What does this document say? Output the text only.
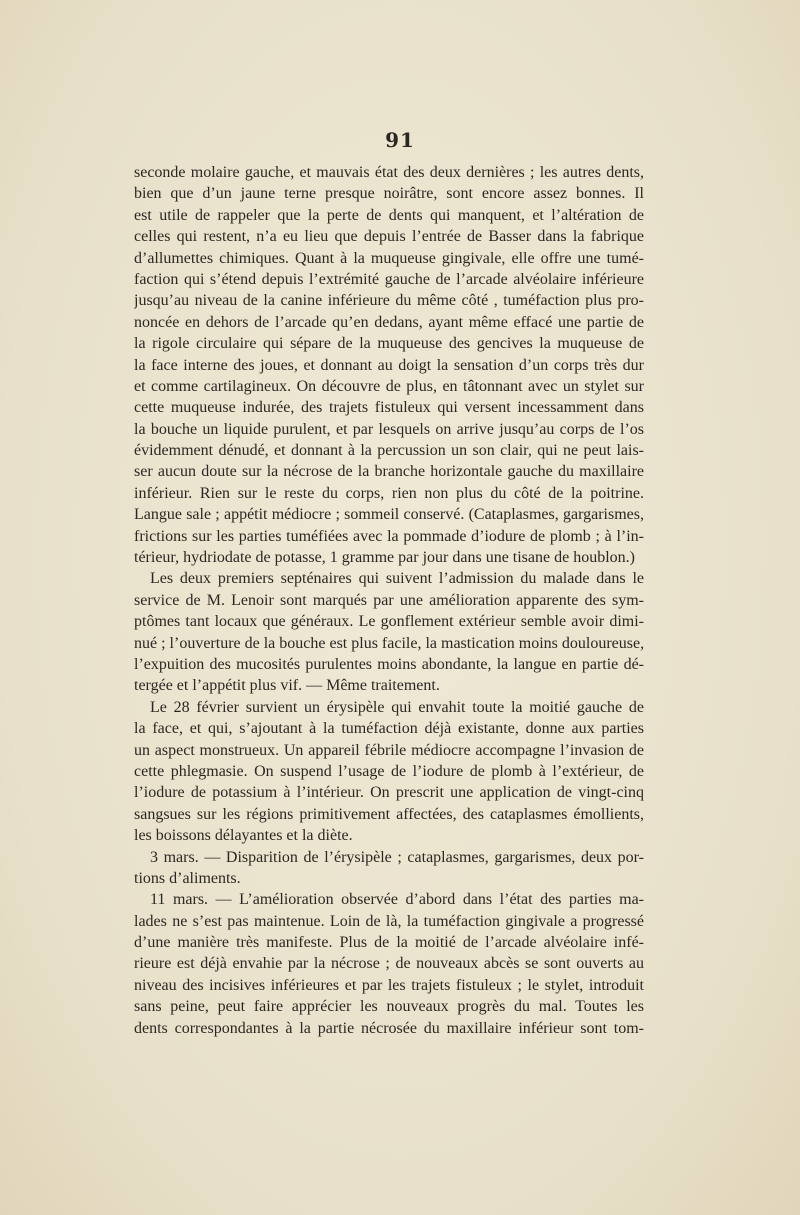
91
seconde molaire gauche, et mauvais état des deux dernières ; les autres dents,
bien que d’un jaune terne presque noirâtre, sont encore assez bonnes. Il
est utile de rappeler que la perte de dents qui manquent, et l’altération de
celles qui restent, n’a eu lieu que depuis l’entrée de Basser dans la fabrique
d’allumettes chimiques. Quant à la muqueuse gingivale, elle offre une tumé-
faction qui s’étend depuis l’extrémité gauche de l’arcade alvéolaire inférieure
jusqu’au niveau de la canine inférieure du même côté , tuméfaction plus pro-
noncée en dehors de l’arcade qu’en dedans, ayant même effacé une partie de
la rigole circulaire qui sépare de la muqueuse des gencives la muqueuse de
la face interne des joues, et donnant au doigt la sensation d’un corps très dur
et comme cartilagineux. On découvre de plus, en tâtonnant avec un stylet sur
cette muqueuse indurée, des trajets fistuleux qui versent incessamment dans
la bouche un liquide purulent, et par lesquels on arrive jusqu’au corps de l’os
évidemment dénudé, et donnant à la percussion un son clair, qui ne peut lais-
ser aucun doute sur la nécrose de la branche horizontale gauche du maxillaire
inférieur. Rien sur le reste du corps, rien non plus du côté de la poitrine.
Langue sale ; appétit médiocre ; sommeil conservé. (Cataplasmes, gargarismes,
frictions sur les parties tuméfiées avec la pommade d’iodure de plomb ; à l’in-
térieur, hydriodate de potasse, 1 gramme par jour dans une tisane de houblon.)
Les deux premiers septénaires qui suivent l’admission du malade dans le
service de M. Lenoir sont marqués par une amélioration apparente des sym-
ptômes tant locaux que généraux. Le gonflement extérieur semble avoir dimi-
nué ; l’ouverture de la bouche est plus facile, la mastication moins douloureuse,
l’expuition des mucosités purulentes moins abondante, la langue en partie dé-
tergée et l’appétit plus vif. — Même traitement.
Le 28 février survient un érysipèle qui envahit toute la moitié gauche de
la face, et qui, s’ajoutant à la tuméfaction déjà existante, donne aux parties
un aspect monstrueux. Un appareil fébrile médiocre accompagne l’invasion de
cette phlegmasie. On suspend l’usage de l’iodure de plomb à l’extérieur, de
l’iodure de potassium à l’intérieur. On prescrit une application de vingt-cinq
sangsues sur les régions primitivement affectées, des cataplasmes émollients,
les boissons délayantes et la diète.
3 mars. — Disparition de l’érysipèle ; cataplasmes, gargarismes, deux por-
tions d’aliments.
11 mars. — L’amélioration observée d’abord dans l’état des parties ma-
lades ne s’est pas maintenue. Loin de là, la tuméfaction gingivale a progressé
d’une manière très manifeste. Plus de la moitié de l’arcade alvéolaire infé-
rieure est déjà envahie par la nécrose ; de nouveaux abcès se sont ouverts au
niveau des incisives inférieures et par les trajets fistuleux ; le stylet, introduit
sans peine, peut faire apprécier les nouveaux progrès du mal. Toutes les
dents correspondantes à la partie nécrosée du maxillaire inférieur sont tom-
